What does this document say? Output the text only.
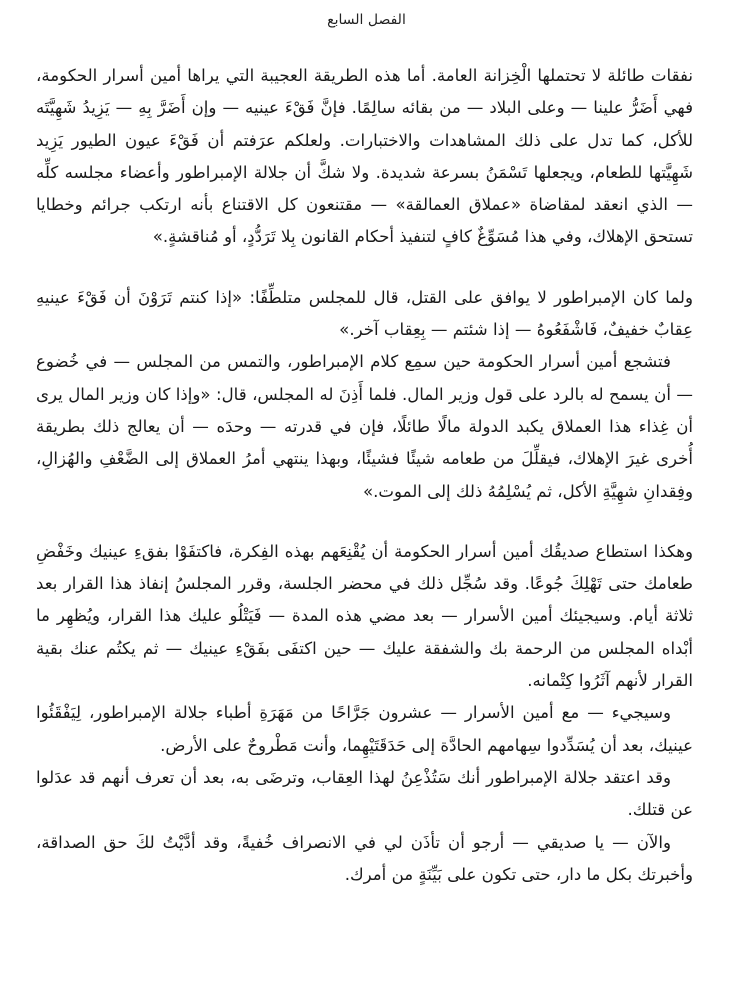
الفصل السابع

نفقات طائلة لا تحتملها الْخِزانة العامة. أما هذه الطريقة العجيبة التي يراها أمين أسرار الحكومة، فهي أَضَرُّ علينا — وعلى البلاد — من بقائه سالِمًا. فإنَّ فَقْءَ عينيه — وإن أَضَرَّ بِهِ — يَزِيدُ شَهِيَّتَه للأكل، كما تدل على ذلك المشاهدات والاختبارات. ولعلكم عرَفتم أن فَقْءَ عيون الطيور يَزِيد شَهِيَّتها للطعام، ويجعلها تَسْمَنُ بسرعة شديدة. ولا شكَّ أن جلالة الإمبراطور وأعضاء مجلسه كلِّه — الذي انعقد لمقاضاة «عملاق العمالقة» — مقتنعون كل الاقتناع بأنه ارتكب جرائم وخطايا تستحق الإهلاك، وفي هذا مُسَوِّغٌ كافٍ لتنفيذ أحكام القانون بِلا تَرَدُّدٍ، أو مُناقشةٍ.»

ولما كان الإمبراطور لا يوافق على القتل، قال للمجلس متلطِّفًا: «إذا كنتم تَرَوْنَ أن فَقْءَ عينيهِ عِقابٌ خفيفٌ، فَاشْفَعُوهُ — إذا شئتم — بِعِقاب آخر.»

فتشجع أمين أسرار الحكومة حين سمِع كلام الإمبراطور، والتمس من المجلس — في خُضوع — أن يسمح له بالرد على قول وزير المال. فلما أَذِنَ له المجلس، قال: «وإذا كان وزير المال يرى أن غِذاء هذا العملاق يكبد الدولة مالًا طائلًا، فإن في قدرته — وحدَه — أن يعالج ذلك بطريقة أُخرى غيرَ الإهلاك، فيقلِّلَ من طعامه شيئًا فشيئًا، وبهذا ينتهي أمرُ العملاق إلى الضَّعْفِ والهُزالِ، وفِقدانِ شهِيَّةِ الأكل، ثم يُسْلِمُهُ ذلك إلى الموت.»

وهكذا استطاع صديقُك أمين أسرار الحكومة أن يُقْنِعَهم بهذه الفِكرة، فاكتفَوْا بفقءِ عينيك وخَفْضِ طعامك حتى تَهْلِكَ جُوعًا. وقد سُجِّل ذلك في محضر الجلسة، وقرر المجلسُ إنفاذ هذا القرار بعد ثلاثة أيام. وسيجيئك أمين الأسرار — بعد مضي هذه المدة — فَيَتْلُو عليك هذا القرار، ويُظهِر ما أبْداه المجلس من الرحمة بك والشفقة عليك — حين اكتفَى بفَقْءِ عينيك — ثم يكتُم عنك بقية القرار لأنهم آثَرُوا كِتْمانه.

وسيجيء — مع أمين الأسرار — عشرون جَرَّاحًا من مَهَرَةِ أطباء جلالة الإمبراطور، لِيَفْقَئُوا عينيك، بعد أن يُسَدِّدوا سِهامهم الحادَّة إلى حَدَقَتَيْهِما، وأنت مَطْروحٌ على الأرض.

وقد اعتقد جلالة الإمبراطور أنك سَتُذْعِنُ لهذا العِقاب، وترضَى به، بعد أن تعرف أنهم قد عدَلوا عن قتلك.

والآن — يا صديقي — أرجو أن تأذَن لي في الانصراف خُفيةً، وقد أدَّيْتُ لكَ حق الصداقة، وأخبرتك بكل ما دار، حتى تكون على بَيِّنَةٍ من أمرك.
